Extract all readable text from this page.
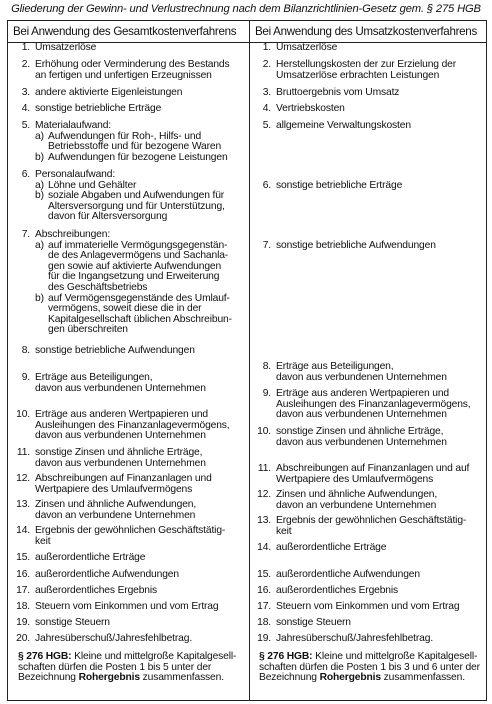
Gliederung der Gewinn- und Verlustrechnung nach dem Bilanzrichtlinien-Gesetz gem. § 275 HGB
Bei Anwendung des Gesamtkostenverfahrens Bei Anwendung des Umsatzkostenverfahrens
1. Umsatzerlöse
2. Erhöhung oder Verminderung des Bestands
an fertigen und unfertigen Erzeugnissen
3. andere aktivierte Eigenleistungen
4. sonstige betriebliche Erträge
5. Materialaufwand:
a) Aufwendungen für Roh-, Hilfs- und
Betriebsstoffe und für bezogene Waren
b) Aufwendungen für bezogene Leistungen
6. Personalaufwand:
a) Löhne und Gehälter
b) soziale Abgaben und Aufwendungen für
Altersversorgung und für Unterstützung,
davon für Altersversorgung
7. Abschreibungen:
a) auf immaterielle Vermögungsgegenstän-
de des Anlagevermögens und Sachanla-
gen sowie auf aktivierte Aufwendungen
für die Ingangsetzung und Erweiterung
des Geschäftsbetriebs
b) auf Vermögensgegenstände des Umlauf-
vermögens, soweit diese die in der
Kapitalgesellschaft üblichen Abschreibun-
gen überschreiten
8. sonstige betriebliche Aufwendungen
9. Erträge aus Beteiligungen,
davon aus verbundenen Unternehmen
10. Erträge aus anderen Wertpapieren und
Ausleihungen des Finanzanlagevermögens,
davon aus verbundenen Unternehmen
11. sonstige Zinsen und ähnliche Erträge,
davon aus verbundenen Unternehmen
12. Abschreibungen auf Finanzanlagen und
Wertpapiere des Umlaufvermögens
13. Zinsen und ähnliche Aufwendungen,
davon an verbundene Unternehmen
14. Ergebnis der gewöhnlichen Geschäftstätig-
keit
15. außerordentliche Erträge
16. außerordentliche Aufwendungen
17. außerordentliches Ergebnis
18. Steuern vom Einkommen und vom Ertrag
19. sonstige Steuern
20. Jahresüberschuß/Jahresfehlbetrag.
§ 276 HGB: Kleine und mittelgroße Kapitalgesell-
schaften dürfen die Posten 1 bis 5 unter der
Bezeichnung Rohergebnis zusammenfassen.
1. Umsatzerlöse
2. Herstellungskosten der zur Erzielung der
Umsatzerlöse erbrachten Leistungen
3. Bruttoergebnis vom Umsatz
4. Vertriebskosten
5. allgemeine Verwaltungskosten
6. sonstige betriebliche Erträge
7. sonstige betriebliche Aufwendungen
8. Erträge aus Beteiligungen,
davon aus verbundenen Unternehmen
9. Erträge aus anderen Wertpapieren und
Ausleihungen des Finanzanlagevermögens,
davon aus verbundenen Unternehmen
10. sonstige Zinsen und ähnliche Erträge,
davon aus verbundenen Unternehmen
11. Abschreibungen auf Finanzanlagen und auf
Wertpapiere des Umlaufvermögens
12. Zinsen und ähnliche Aufwendungen,
davon an verbundene Unternehmen
13. Ergebnis der gewöhnlichen Geschäftstätig-
keit
14. außerordentliche Erträge
15. außerordentliche Aufwendungen
16. außerordentliches Ergebnis
17. Steuern vom Einkommen und vom Ertrag
18. sonstige Steuern
19. Jahresüberschuß/Jahresfehlbetrag.
§ 276 HGB: Kleine und mittelgroße Kapitalgesell-
schaften dürfen die Posten 1 bis 3 und 6 unter der
Bezeichnung Rohergebnis zusammenfassen.
